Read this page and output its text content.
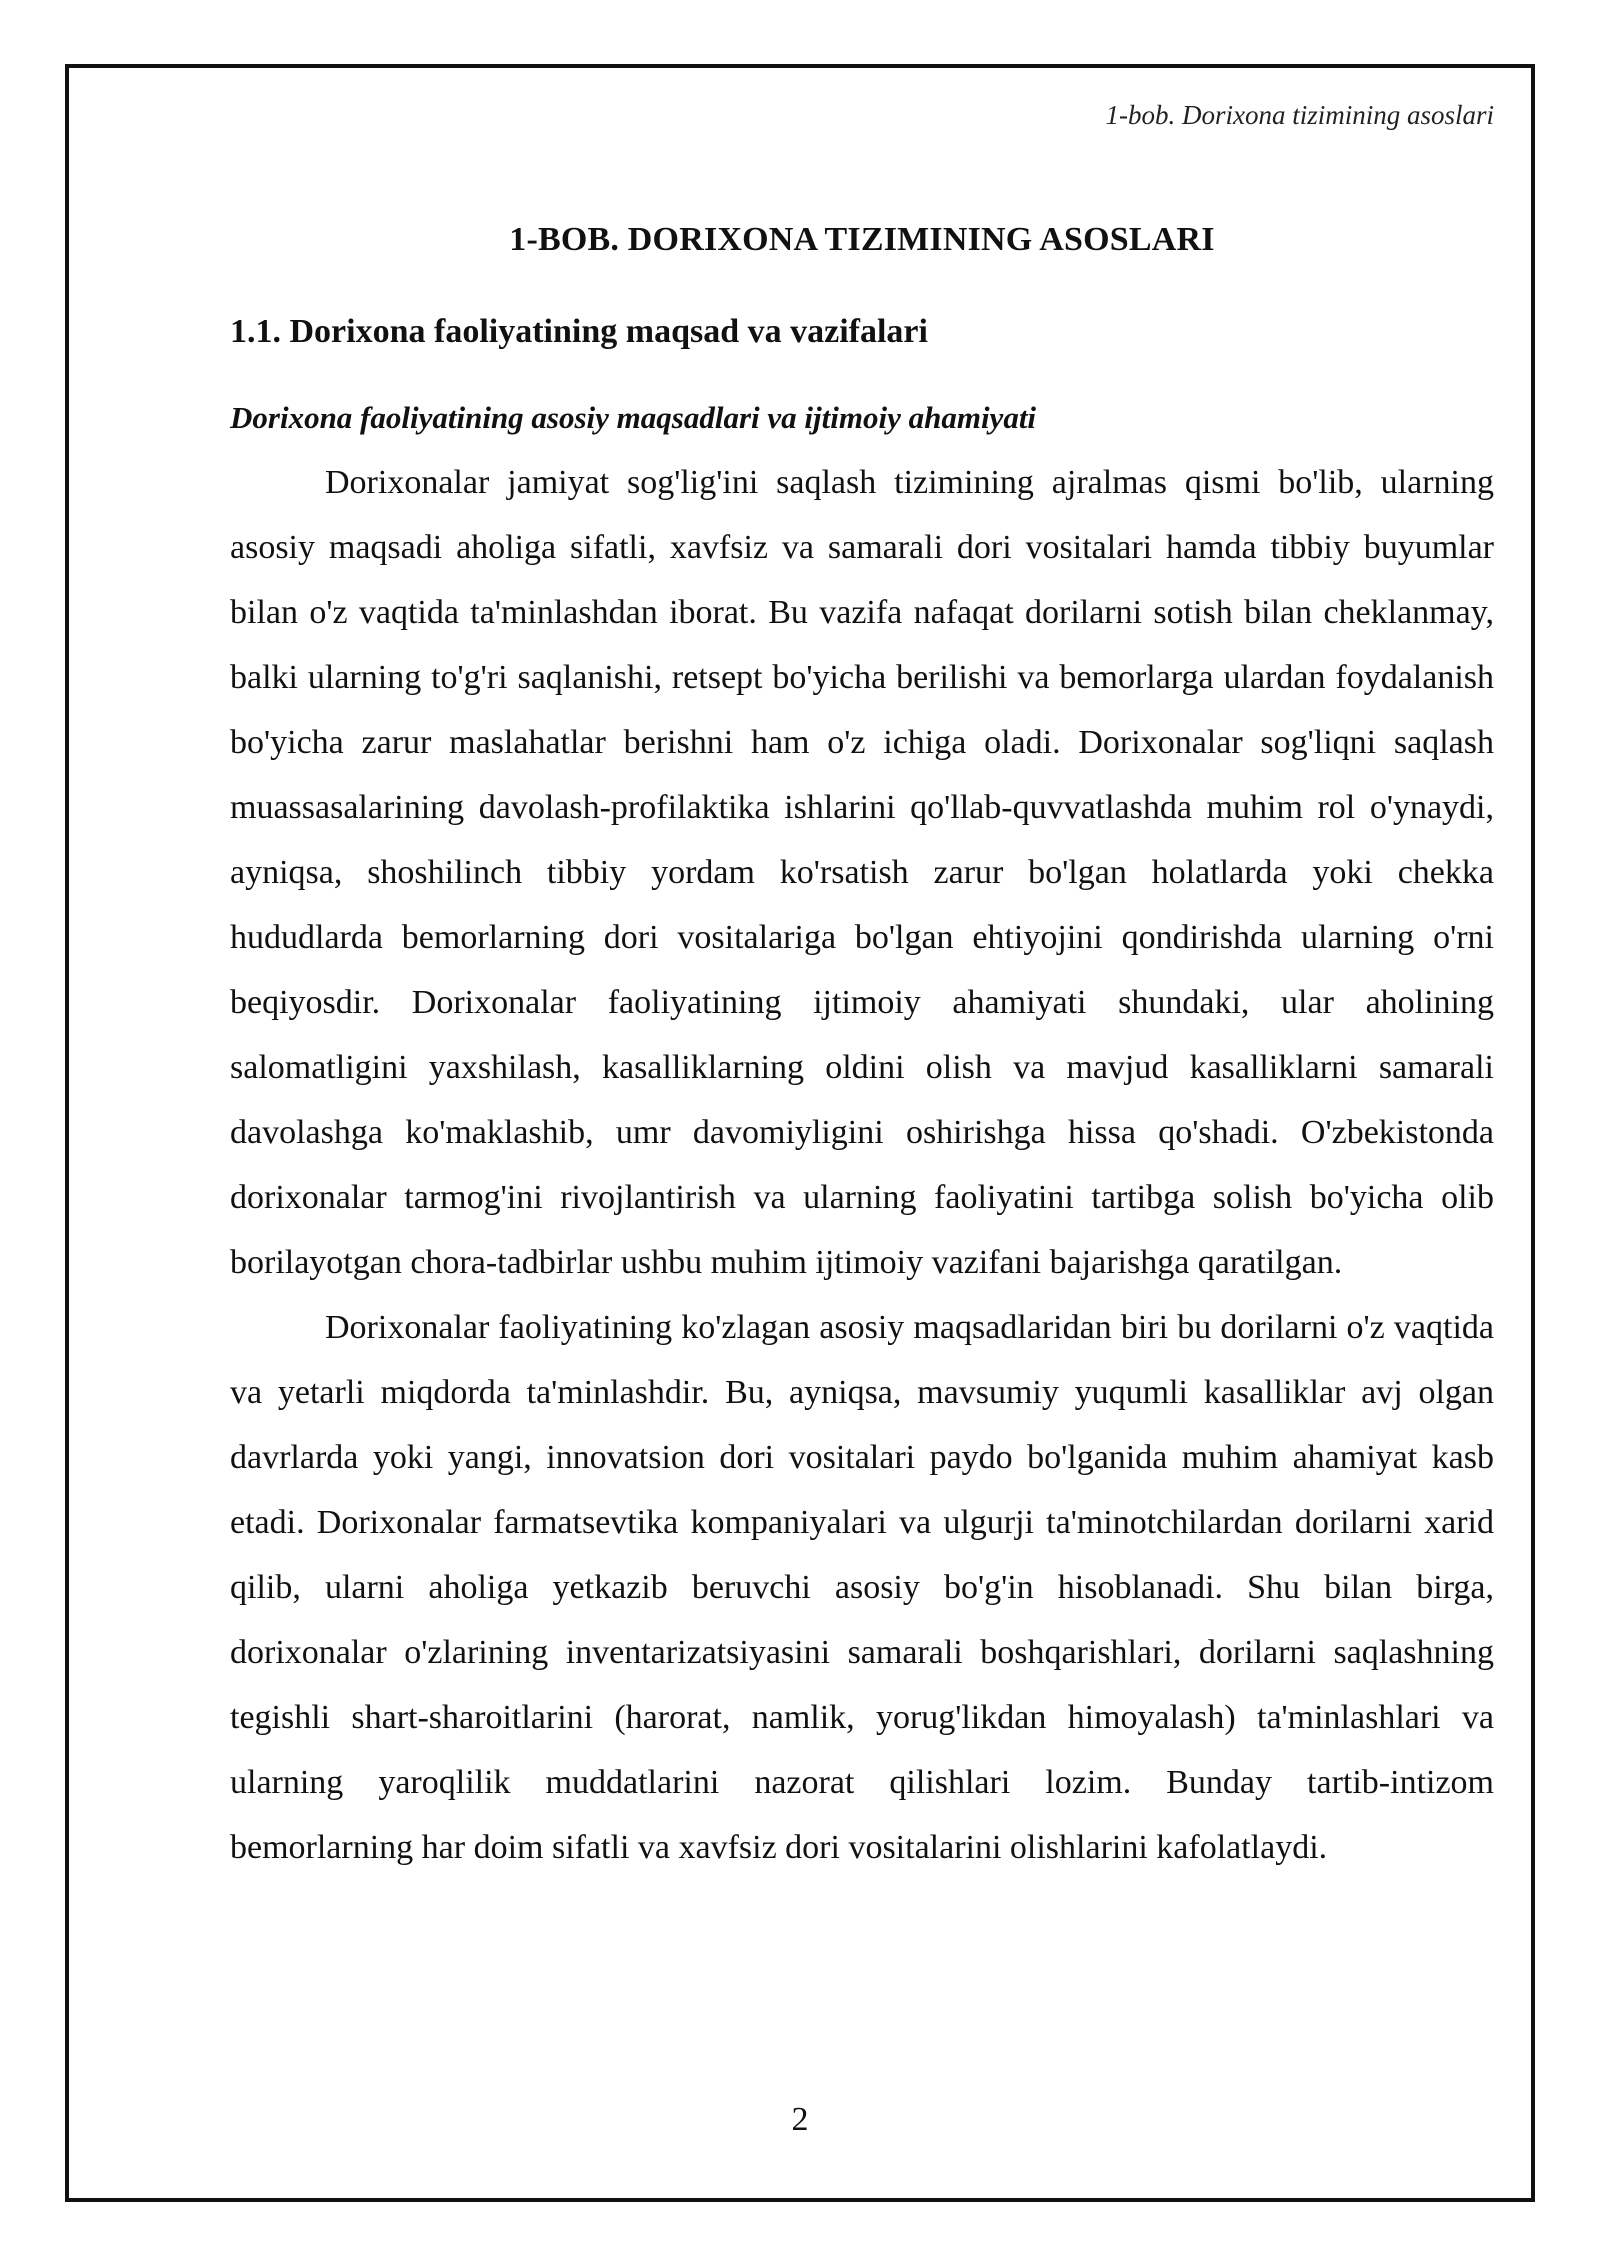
1-bob. Dorixona tizimining asoslari
1-BOB. DORIXONA TIZIMINING ASOSLARI
1.1. Dorixona faoliyatining maqsad va vazifalari
Dorixona faoliyatining asosiy maqsadlari va ijtimoiy ahamiyati

Dorixonalar jamiyat sog'lig'ini saqlash tizimining ajralmas qismi bo'lib, ularning asosiy maqsadi aholiga sifatli, xavfsiz va samarali dori vositalari hamda tibbiy buyumlar bilan o'z vaqtida ta'minlashdan iborat. Bu vazifa nafaqat dorilarni sotish bilan cheklanmay, balki ularning to'g'ri saqlanishi, retsept bo'yicha berilishi va bemorlarga ulardan foydalanish bo'yicha zarur maslahatlar berishni ham o'z ichiga oladi. Dorixonalar sog'liqni saqlash muassasalarining davolash-profilaktika ishlarini qo'llab-quvvatlashda muhim rol o'ynaydi, ayniqsa, shoshilinch tibbiy yordam ko'rsatish zarur bo'lgan holatlarda yoki chekka hududlarda bemorlarning dori vositalariga bo'lgan ehtiyojini qondirishda ularning o'rni beqiyosdir. Dorixonalar faoliyatining ijtimoiy ahamiyati shundaki, ular aholining salomatligini yaxshilash, kasalliklarning oldini olish va mavjud kasalliklarni samarali davolashga ko'maklashib, umr davomiyligini oshirishga hissa qo'shadi. O'zbekistonda dorixonalar tarmog'ini rivojlantirish va ularning faoliyatini tartibga solish bo'yicha olib borilayotgan chora-tadbirlar ushbu muhim ijtimoiy vazifani bajarishga qaratilgan.

Dorixonalar faoliyatining ko'zlagan asosiy maqsadlaridan biri bu dorilarni o'z vaqtida va yetarli miqdorda ta'minlashdir. Bu, ayniqsa, mavsumiy yuqumli kasalliklar avj olgan davrlarda yoki yangi, innovatsion dori vositalari paydo bo'lganida muhim ahamiyat kasb etadi. Dorixonalar farmatsevtika kompaniyalari va ulgurji ta'minotchilardan dorilarni xarid qilib, ularni aholiga yetkazib beruvchi asosiy bo'g'in hisoblanadi. Shu bilan birga, dorixonalar o'zlarining inventarizatsiyasini samarali boshqarishlari, dorilarni saqlashning tegishli shart-sharoitlarini (harorat, namlik, yorug'likdan himoyalash) ta'minlashlari va ularning yaroqlilik muddatlarini nazorat qilishlari lozim. Bunday tartib-intizom bemorlarning har doim sifatli va xavfsiz dori vositalarini olishlarini kafolatlaydi.

2
